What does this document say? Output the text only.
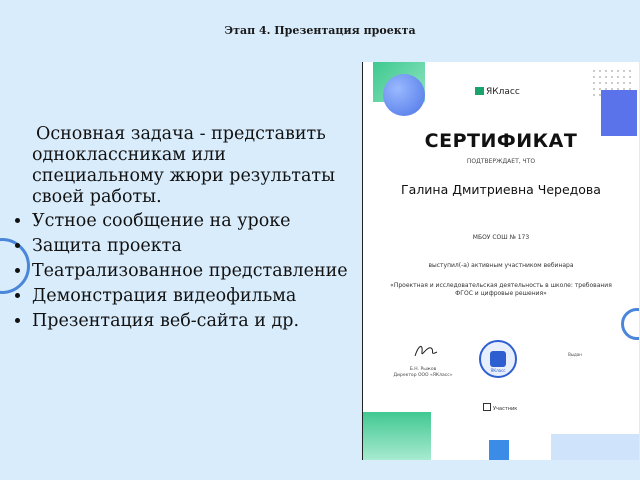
Этап 4. Презентация проекта

Основная задача - представить одноклассникам или специальному жюри результаты своей работы.

• Устное сообщение на уроке
• Защита проекта
• Театрализованное представление
• Демонстрация видеофильма
• Презентация веб-сайта и др.
ЯКласс
СЕРТИФИКАТ
ПОДТВЕРЖДАЕТ, ЧТО
Галина Дмитриевна Чередова
МБОУ СОШ № 173
выступил(-а) активным участником вебинара
«Проектная и исследовательская деятельность в школе: требования ФГОС и цифровые решения»
Б.Н. Рыжов
Директор ООО «ЯКласс»
ЯКласс
Выдан
Участник
